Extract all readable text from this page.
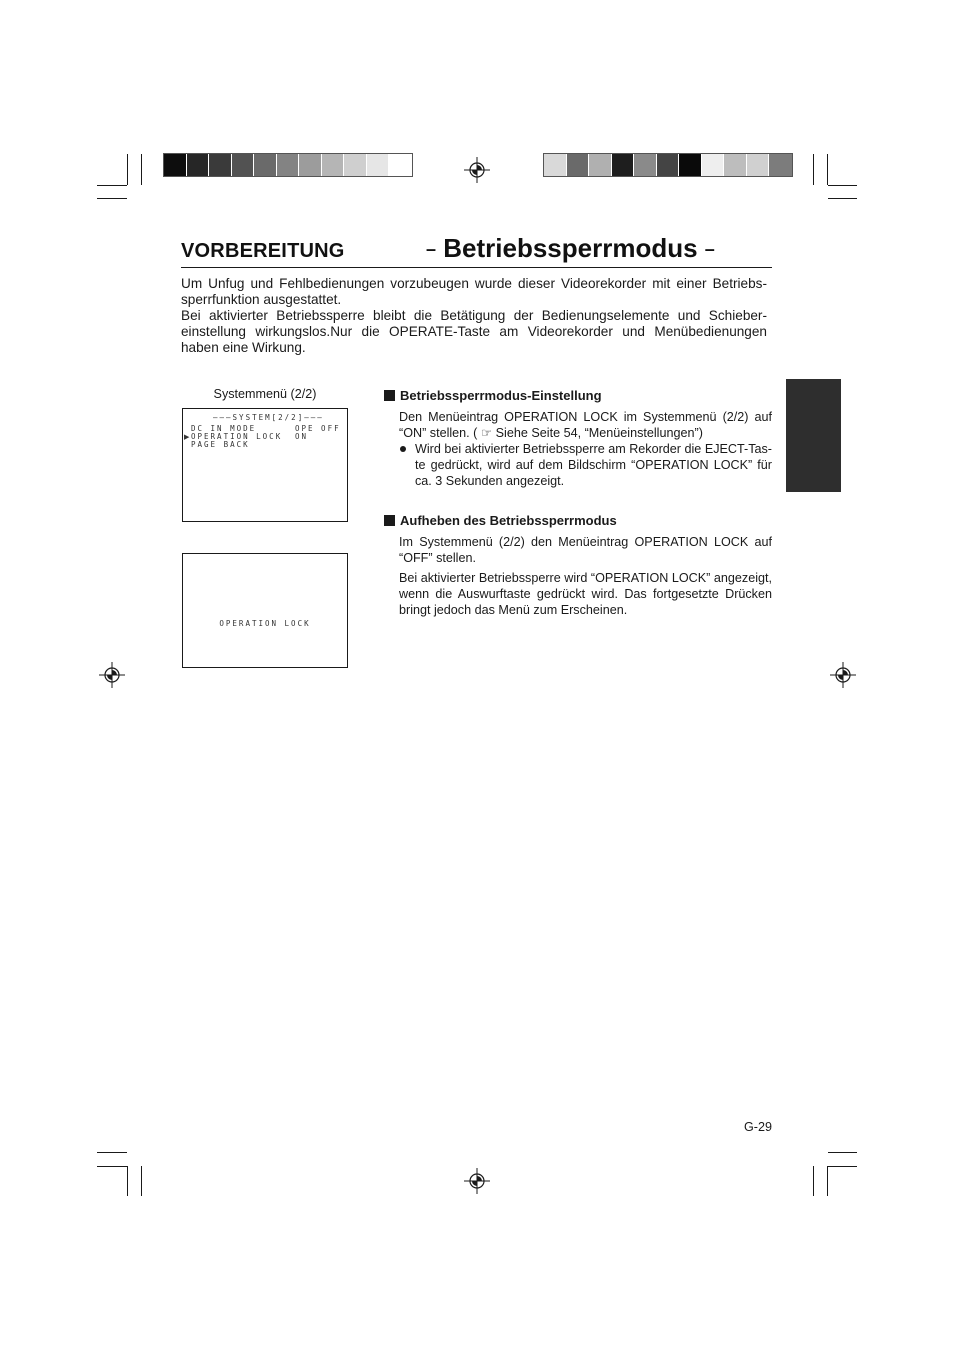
VORBEREITUNG	– Betriebssperrmodus –

Um Unfug und Fehlbedienungen vorzubeugen wurde dieser Videorekorder mit einer Betriebs-sperrfunktion ausgestattet.

Bei aktivierter Betriebssperre bleibt die Betätigung der Bedienungselemente und Schieber-einstellung wirkungslos.Nur die OPERATE-Taste am Videorekorder und Menübedienungen haben eine Wirkung.

Systemmenü (2/2)
–––SYSTEM[2/2]–––
▶
DC IN MODE	OPE OFF
OPERATION LOCK ON
PAGE BACK
OPERATION LOCK
Betriebssperrmodus-Einstellung

Den Menüeintrag OPERATION LOCK im Systemmenü (2/2) auf “ON” stellen. ( ☞ Siehe Seite 54, “Menüeinstellungen”)

Wird bei aktivierter Betriebssperre am Rekorder die EJECT-Tas-te gedrückt, wird auf dem Bildschirm “OPERATION LOCK” für ca. 3 Sekunden angezeigt.

Aufheben des Betriebssperrmodus

Im Systemmenü (2/2) den Menüeintrag OPERATION LOCK auf “OFF” stellen.

Bei aktivierter Betriebssperre wird “OPERATION LOCK” angezeigt, wenn die Auswurftaste gedrückt wird. Das fortgesetzte Drücken bringt jedoch das Menü zum Erscheinen.

G-29
